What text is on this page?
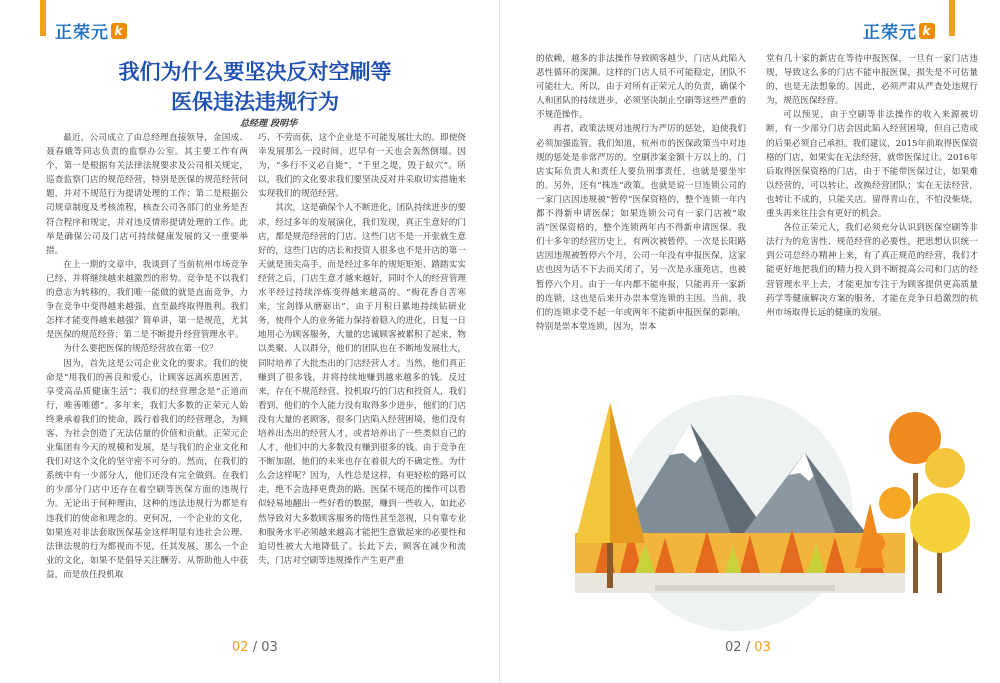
正荣元 k
我们为什么要坚决反对空刷等
医保违法违规行为
总经理 段明华

最近，公司成立了由总经理直接领导，金国成、聂春娥等同志负责的监察办公室。其主要工作有两个，第一是根据有关法律法规要求及公司相关规定，巡查监察门店的规范经营，特别是医保的规范经营问题，并对不规范行为提请处理的工作；第二是根据公司规章制度及考核流程，核查公司各部门的业务是否符合程序和规定，并对违反情形提请处理的工作。此举是确保公司及门店可持续健康发展的又一重要举措。

在上一期的文章中，我谈到了当前杭州市场竞争已经、并将继续越来越激烈的形势。竞争是不以我们的意志为转移的，我们唯一能做的就是直面竞争，力争在竞争中变得越来越强，直至最终取得胜利。我们怎样才能变得越来越强？简单讲，第一是规范，尤其是医保的规范经营；第二是不断提升经营管理水平。

为什么要把医保的规范经营放在第一位？

因为，首先这是公司企业文化的要求。我们的使命是“用我们的善良和爱心，让顾客远离疾患困苦，享受高品质健康生活”；我们的经营理念是“正道而行，唯善唯德”。多年来，我们大多数的正荣元人始终秉承着我们的使命，践行着我们的经营理念，为顾客、为社会创造了无法估量的价值和贡献。正荣元企业集团有今天的规模和发展，是与我们的企业文化和我们对这个文化的坚守密不可分的。然而，在我们的系统中有一少部分人，他们还没有完全做到。在我们的少部分门店中还存在着空刷等医保方面的违规行为。无论出于何种理由，这种的违法违规行为都是有违我们的使命和理念的。更何况，一个企业的文化，如果连对非法套取医保基金这样明显有违社会公理、法律法规的行为都视而不见，任其发展，那么一个企业的文化，如果不是倡导关注酬劳、从帮助他人中获益，而是放任投机取

巧、不劳而获，这个企业是不可能发展壮大的。即使侥幸发展那么一段时间，迟早有一天也会轰然倒塌。因为，“多行不义必自毙”，“千里之堤，毁于蚁穴”。所以，我们的文化要求我们要坚决反对并采取切实措施来实现我们的规范经营。

其次，这是确保个人不断进化，团队持续进步的要求，经过多年的发展演化，我们发现，真正生意好的门店，都是规范经营的门店。这些门店不是一开张就生意好的，这些门店的店长和投资人很多也不是开店的第一天就是顶尖高手，而是经过多年的规矩矩矩、踏踏实实经营之后，门店生意才越来越好，同时个人的经营管理水平经过持续淬炼变得越来越高的。“梅花香自苦寒来，宝剑锋从磨砺出”，由于月积日累地持续钻研业务，使得个人的业务能力保持着稳入的进化，日复一日地用心为顾客服务，大量的忠诚顾客被累积了起来，物以类聚、人以群分，他们的团队也在不断地发展壮大，同时培养了大批杰出的门店经营人才。当然，他们真正赚到了很多钱，并将持续地赚到越来越多的钱。反过来，存在不规范经营、投机取巧的门店和投资人，我们看到，他们的个人能力没有取得多少进步，他们的门店没有大量的老顾客，很多门店陷入经营困境，他们没有培养出杰出的经营人才，或者培养出了一些类似自己的人才，他们中的大多数没有赚到很多的钱。由于竞争在不断加剧，他们的未来也存在着很大的不确定性。为什么会这样呢？因为，人性总是这样，有更轻松的路可以走，绝不会选择更费劲的路。医保不规范的操作可以看似轻易地翻出一些好看的数据，赚到一些收入，如此必然导致对大多数顾客服务的惰性甚至忽视，只有靠专业和服务水平必须越来越高才能把生意做起来的必要性和迫切性被大大地降低了。长此下去，顾客在减少和流失，门店对空刷等违规操作产生更严重

02 / 03
正荣元 k

的依赖，越多的非法操作导致顾客越少，门店从此陷入恶性循环的深渊。这样的门店人员不可能稳定，团队不可能壮大。所以，由于对所有正荣元人的负责，确保个人和团队的持续进步，必须坚决制止空刷等这些严重的不规范操作。

再者，政策法规对违规行为严厉的惩处，迫使我们必须加强监管。我们知道，杭州市的医保政策当中对违规的惩处是非常严厉的。空刷涉案金额十万以上的，门店实际负责人和责任人要负刑事责任，也就是要坐牢的。另外，还有“株连”政策。也就是说一旦连锁公司的一家门店因违规被“暂停”医保资格的，整个连锁一年内都不得新申请医保；如果连锁公司有一家门店被“取消”医保资格的，整个连锁两年内不得新申请医保。我们十多年的经营历史上，有两次被暂停。一次是长阳路店因违规被暂停六个月，公司一年没有申报医保，这家店也因为话不下去而关闭了，另一次是永康苑店，也被暂停六个月。由于一年内都不能申报，只能再开一家新的连锁，这也是后来开办崇本堂连锁的主因。当前，我们的连锁求受不起一年或两年不能新申报医保的影响，特别是崇本堂连锁，因为，崇本

堂有几十家的新店在等待申报医保，一旦有一家门店违规，导致这么多的门店不能申报医保，损失是不可估量的，也是无法想象的。因此，必须严肃从严查处违规行为，规范医保经营。

可以预见，由于空刷等非法操作的收入来源被切断，有一少部分门店会因此陷入经营困境，但自己造成的后果必须自己承担。我们建议，2015年前取得医保资格的门店，如果实在无法经营，就带医保过让。2016年后取得医保资格的门店，由于不能带医保过让，如果难以经营的，可以转让，改换经营团队；实在无法经营，也转让不成的，只能关店。留得青山在，不怕没柴烧，重头再来往往会有更好的机会。

各位正荣元人，我们必须充分认识到医保空刷等非法行为的危害性、规范经营的必要性，把思想认识统一到公司总经办精神上来，有了真正规范的经营，我们才能更好地把我们的精力投入到不断提高公司和门店的经营管理水平上去，才能更加专注于为顾客提供更高质量药学等健康解决方案的服务，才能在竞争日趋激烈的杭州市场取得长远的健康的发展。

02 / 03
